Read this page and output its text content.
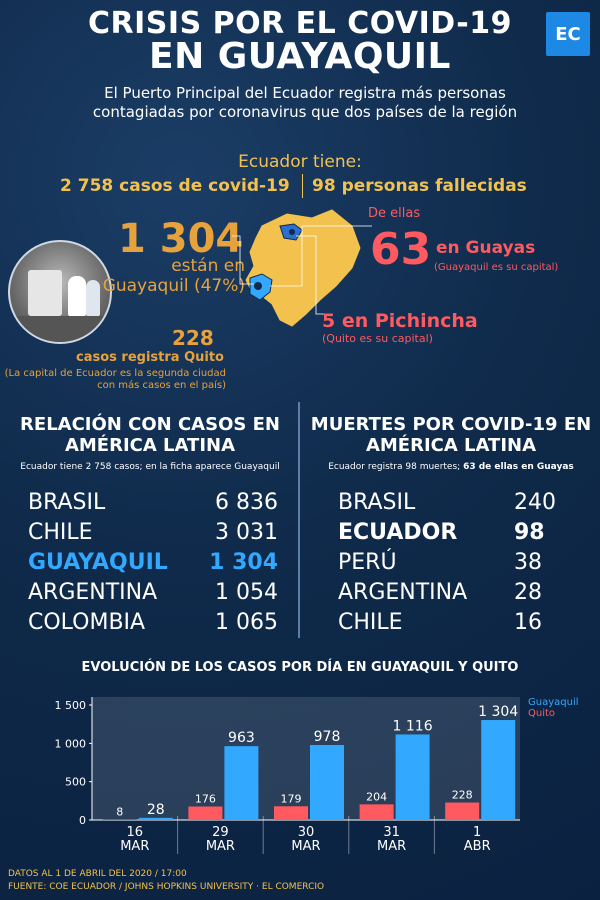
CRISIS POR EL COVID-19
EN GUAYAQUIL
EC
El Puerto Principal del Ecuador registra más personas contagiadas por coronavirus que dos países de la región
Ecuador tiene:
2 758 casos de covid-19 98 personas fallecidas
1 304
están en Guayaquil (47%)
228
casos registra Quito
(La capital de Ecuador es la segunda ciudad con más casos en el país)
De ellas
63 en Guayas
(Guayaquil es su capital)
5 en Pichincha
(Quito es su capital)
RELACIÓN CON CASOS EN AMÉRICA LATINA
Ecuador tiene 2 758 casos; en la ficha aparece Guayaquil
BRASIL	6 836
CHILE	3 031
GUAYAQUIL	1 304
ARGENTINA	1 054
COLOMBIA	1 065
MUERTES POR COVID-19 EN AMÉRICA LATINA
Ecuador registra 98 muertes; 63 de ellas en Guayas
BRASIL	240
ECUADOR	98
PERÚ	38
ARGENTINA	28
CHILE	16
EVOLUCIÓN DE LOS CASOS POR DÍA EN GUAYAQUIL Y QUITO
Guayaquil
Quito
0
500
1 000
1 500
8 28
16
MAR
176
963
29
MAR
179
978
30
MAR
204
1 116
31
MAR
228
1 304
1
ABR
DATOS AL 1 DE ABRIL DEL 2020 / 17:00
FUENTE: COE ECUADOR / JOHNS HOPKINS UNIVERSITY · EL COMERCIO
